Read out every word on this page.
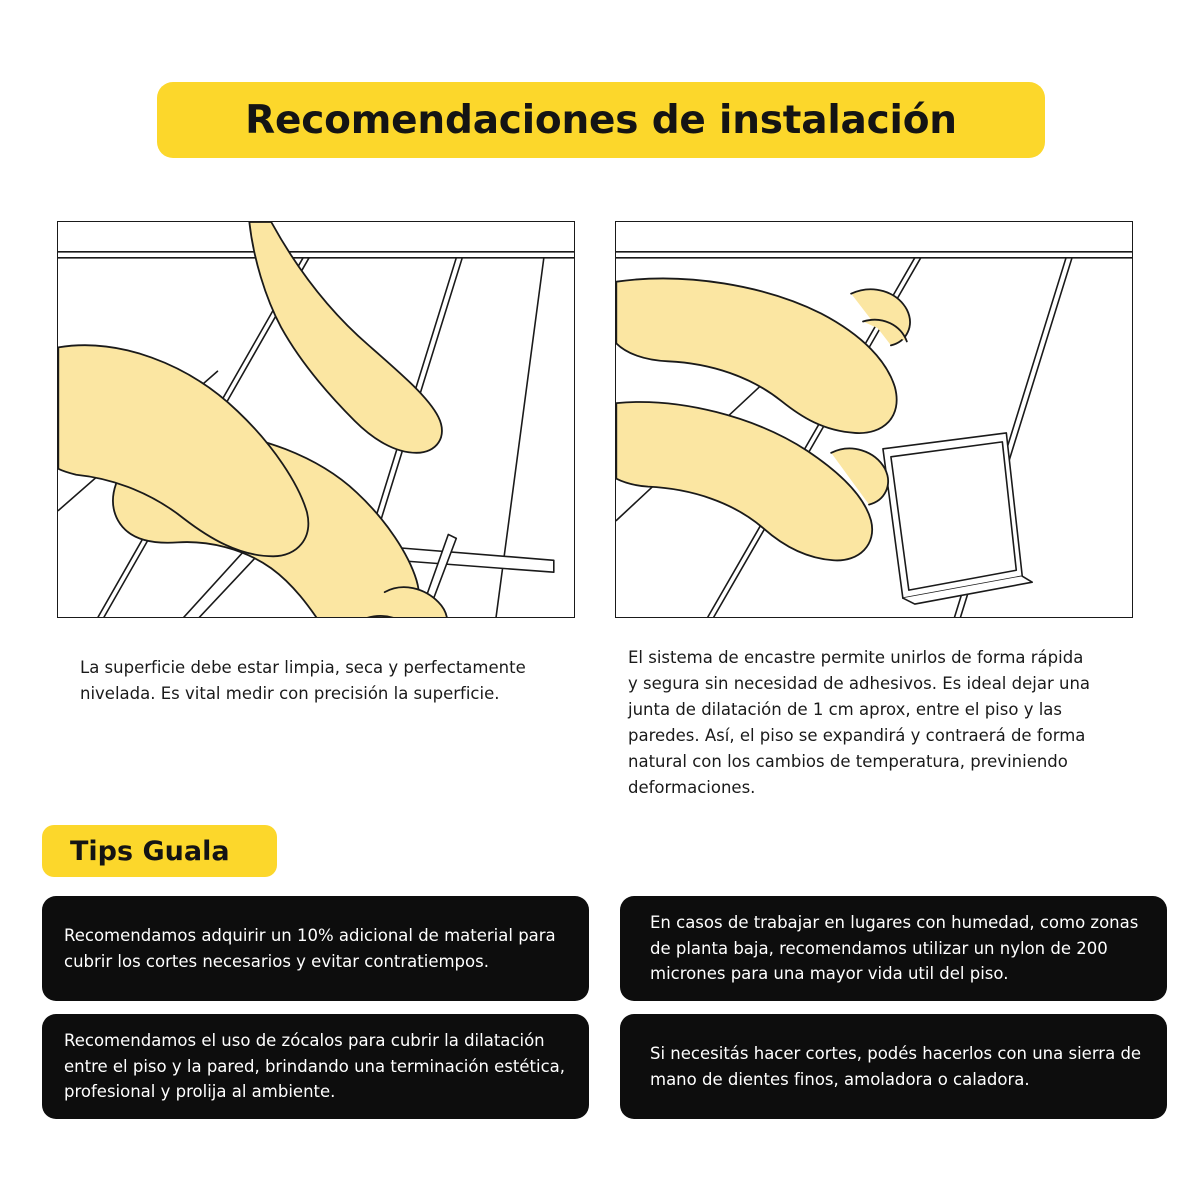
Recomendaciones de instalación
La superficie debe estar limpia, seca y perfectamente nivelada. Es vital medir con precisión la superficie.
El sistema de encastre permite unirlos de forma rápida y segura sin necesidad de adhesivos. Es ideal dejar una junta de dilatación de 1 cm aprox, entre el piso y las paredes. Así, el piso se expandirá y contraerá de forma natural con los cambios de temperatura, previniendo deformaciones.
Tips Guala
Recomendamos adquirir un 10% adicional de material para cubrir los cortes necesarios y evitar contratiempos.
Recomendamos el uso de zócalos para cubrir la dilatación entre el piso y la pared, brindando una terminación estética, profesional y prolija al ambiente.
En casos de trabajar en lugares con humedad, como zonas de planta baja, recomendamos utilizar un nylon de 200 micrones para una mayor vida util del piso.
Si necesitás hacer cortes, podés hacerlos con una sierra de mano de dientes finos, amoladora o caladora.
